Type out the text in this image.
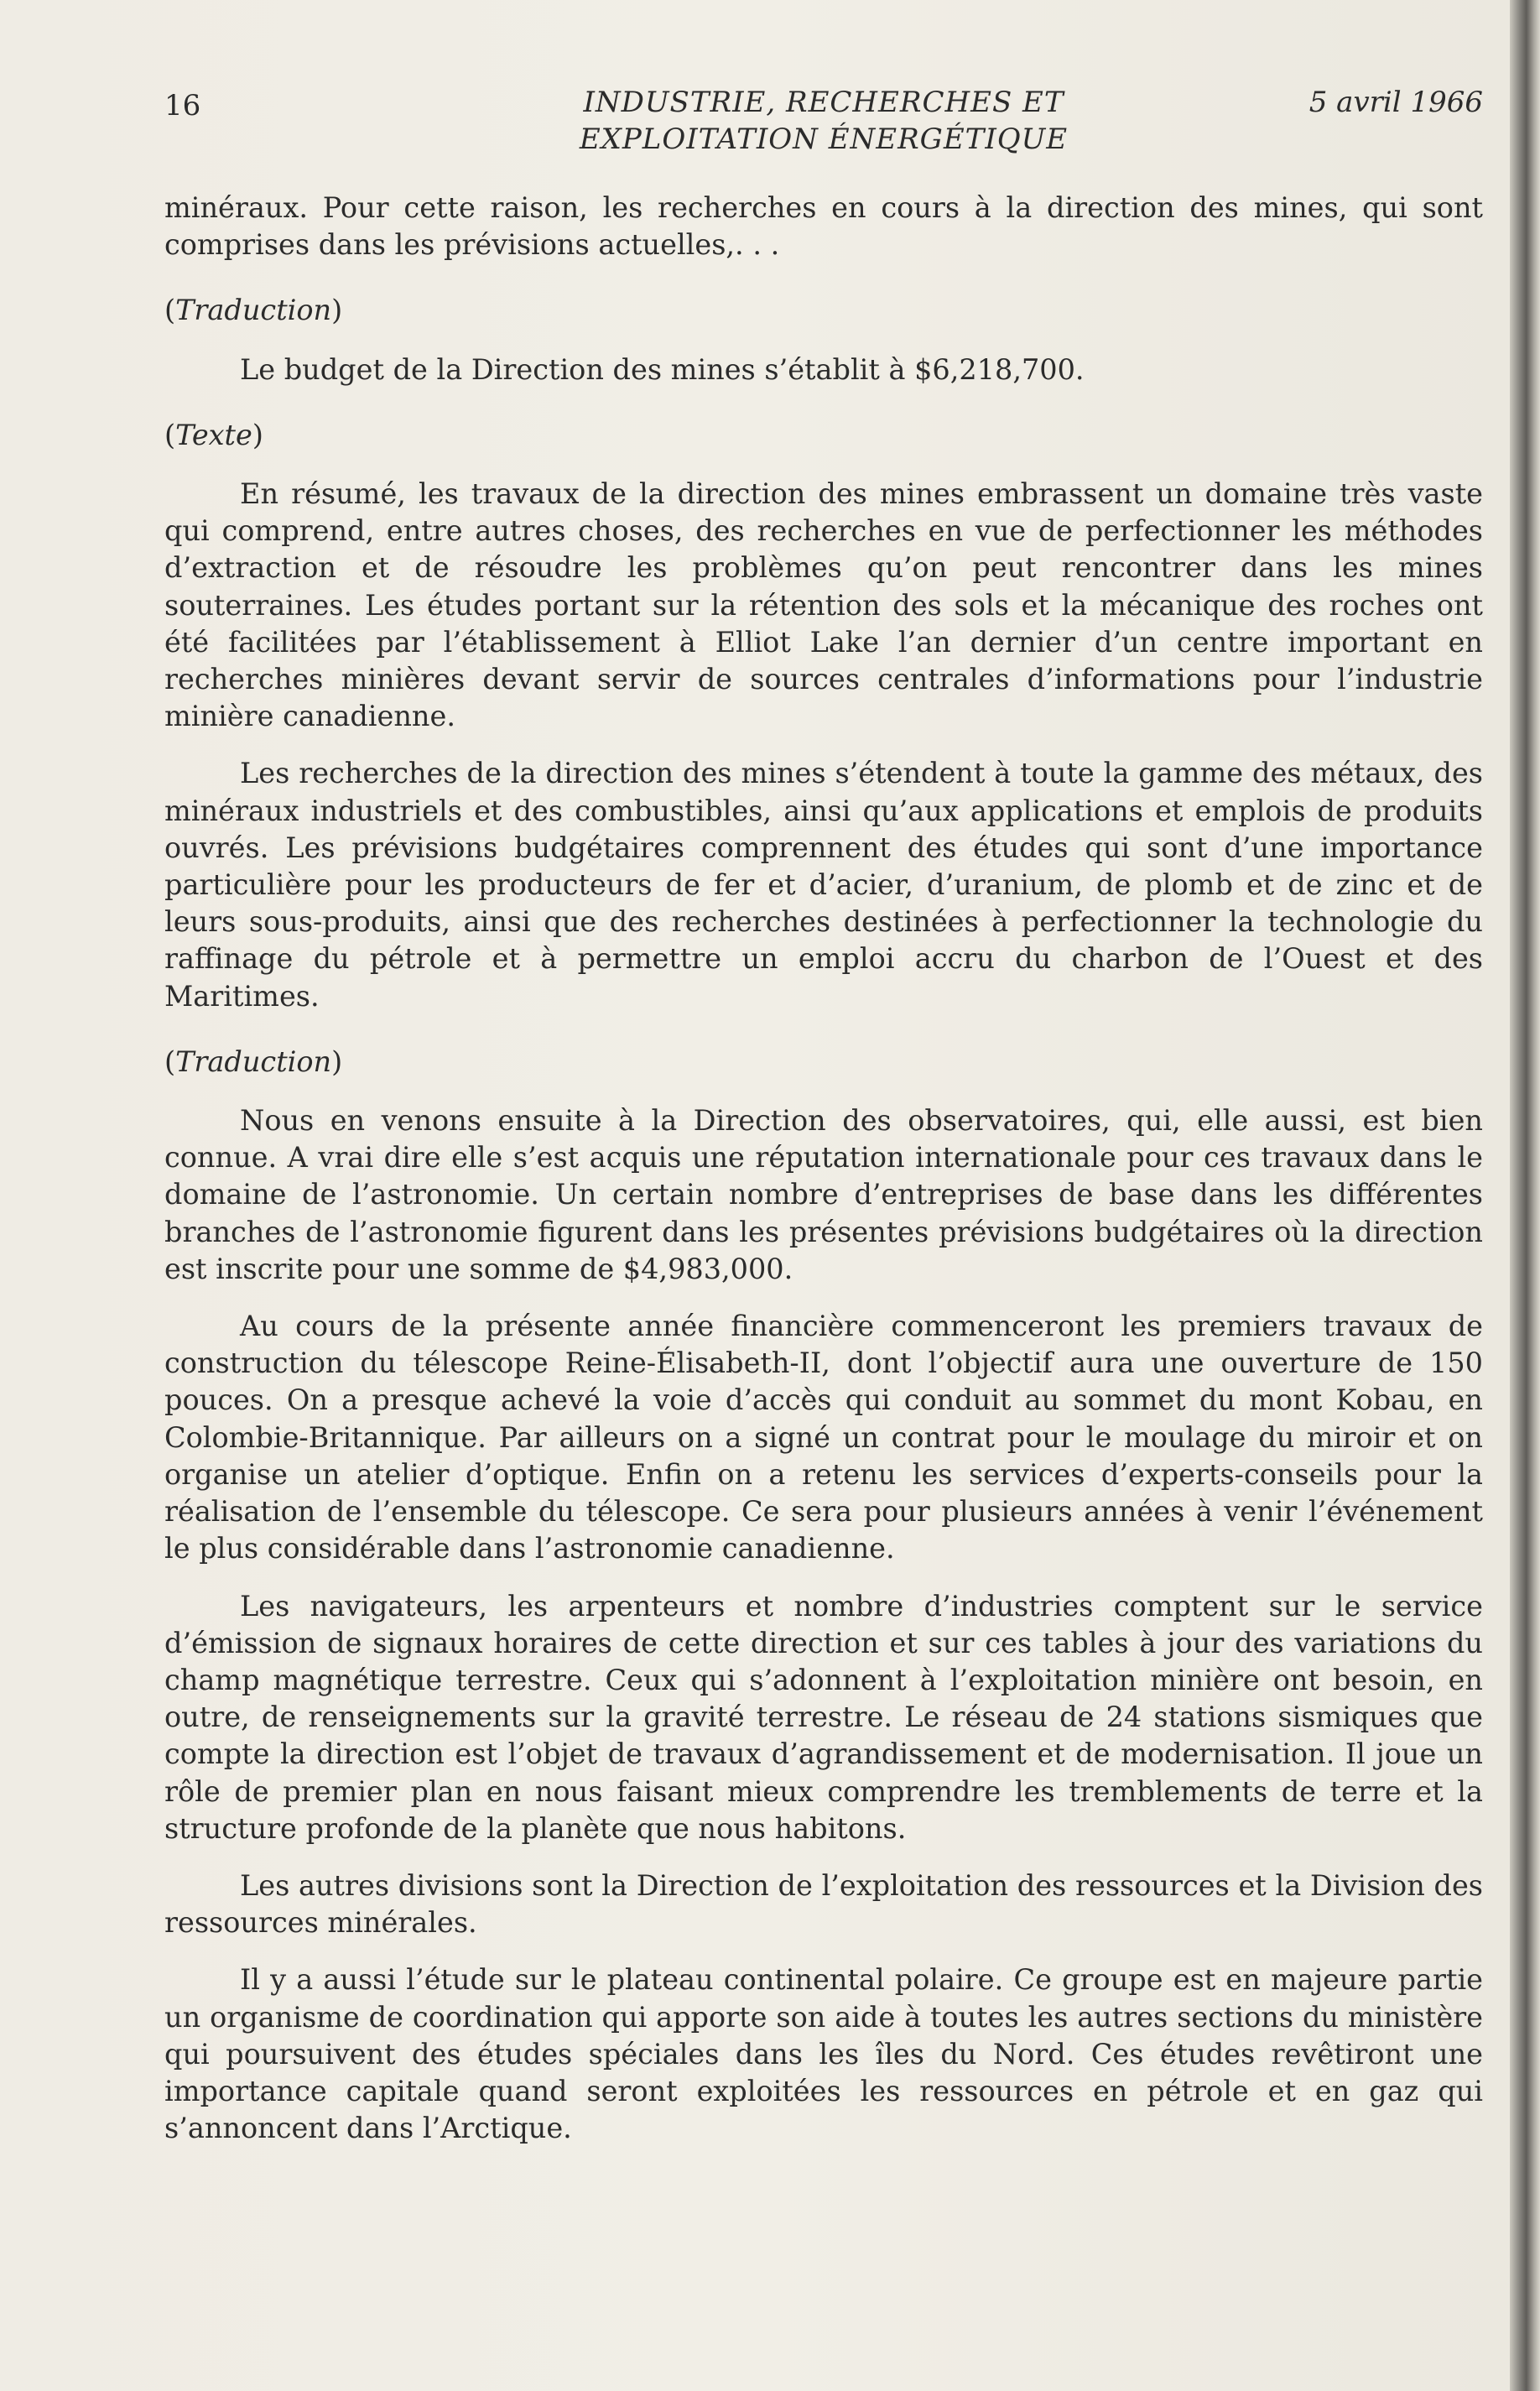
16	INDUSTRIE, RECHERCHES ET
EXPLOITATION ÉNERGÉTIQUE
5 avril 1966

minéraux. Pour cette raison, les recherches en cours à la direction des mines, qui sont comprises dans les prévisions actuelles,. . .

(Traduction)

Le budget de la Direction des mines s’établit à $6,218,700.

(Texte)

En résumé, les travaux de la direction des mines embrassent un domaine très vaste qui comprend, entre autres choses, des recherches en vue de perfectionner les méthodes d’extraction et de résoudre les problèmes qu’on peut rencontrer dans les mines souterraines. Les études portant sur la rétention des sols et la mécanique des roches ont été facilitées par l’établissement à Elliot Lake l’an dernier d’un centre important en recherches minières devant servir de sources centrales d’informations pour l’industrie minière canadienne.

Les recherches de la direction des mines s’étendent à toute la gamme des métaux, des minéraux industriels et des combustibles, ainsi qu’aux applications et emplois de produits ouvrés. Les prévisions budgétaires comprennent des études qui sont d’une importance particulière pour les producteurs de fer et d’acier, d’uranium, de plomb et de zinc et de leurs sous-produits, ainsi que des recherches destinées à perfectionner la technologie du raffinage du pétrole et à permettre un emploi accru du charbon de l’Ouest et des Maritimes.

(Traduction)

Nous en venons ensuite à la Direction des observatoires, qui, elle aussi, est bien connue. A vrai dire elle s’est acquis une réputation internationale pour ces travaux dans le domaine de l’astronomie. Un certain nombre d’entreprises de base dans les différentes branches de l’astronomie figurent dans les présentes prévisions budgétaires où la direction est inscrite pour une somme de $4,983,000.

Au cours de la présente année financière commenceront les premiers travaux de construction du télescope Reine-Élisabeth-II, dont l’objectif aura une ouverture de 150 pouces. On a presque achevé la voie d’accès qui conduit au sommet du mont Kobau, en Colombie-Britannique. Par ailleurs on a signé un contrat pour le moulage du miroir et on organise un atelier d’optique. Enfin on a retenu les services d’experts-conseils pour la réalisation de l’ensemble du télescope. Ce sera pour plusieurs années à venir l’événement le plus considérable dans l’astronomie canadienne.

Les navigateurs, les arpenteurs et nombre d’industries comptent sur le service d’émission de signaux horaires de cette direction et sur ces tables à jour des variations du champ magnétique terrestre. Ceux qui s’adonnent à l’exploitation minière ont besoin, en outre, de renseignements sur la gravité terrestre. Le réseau de 24 stations sismiques que compte la direction est l’objet de travaux d’agrandissement et de modernisation. Il joue un rôle de premier plan en nous faisant mieux comprendre les tremblements de terre et la structure profonde de la planète que nous habitons.

Les autres divisions sont la Direction de l’exploitation des ressources et la Division des ressources minérales.

Il y a aussi l’étude sur le plateau continental polaire. Ce groupe est en majeure partie un organisme de coordination qui apporte son aide à toutes les autres sections du ministère qui poursuivent des études spéciales dans les îles du Nord. Ces études revêtiront une importance capitale quand seront exploitées les ressources en pétrole et en gaz qui s’annoncent dans l’Arctique.
